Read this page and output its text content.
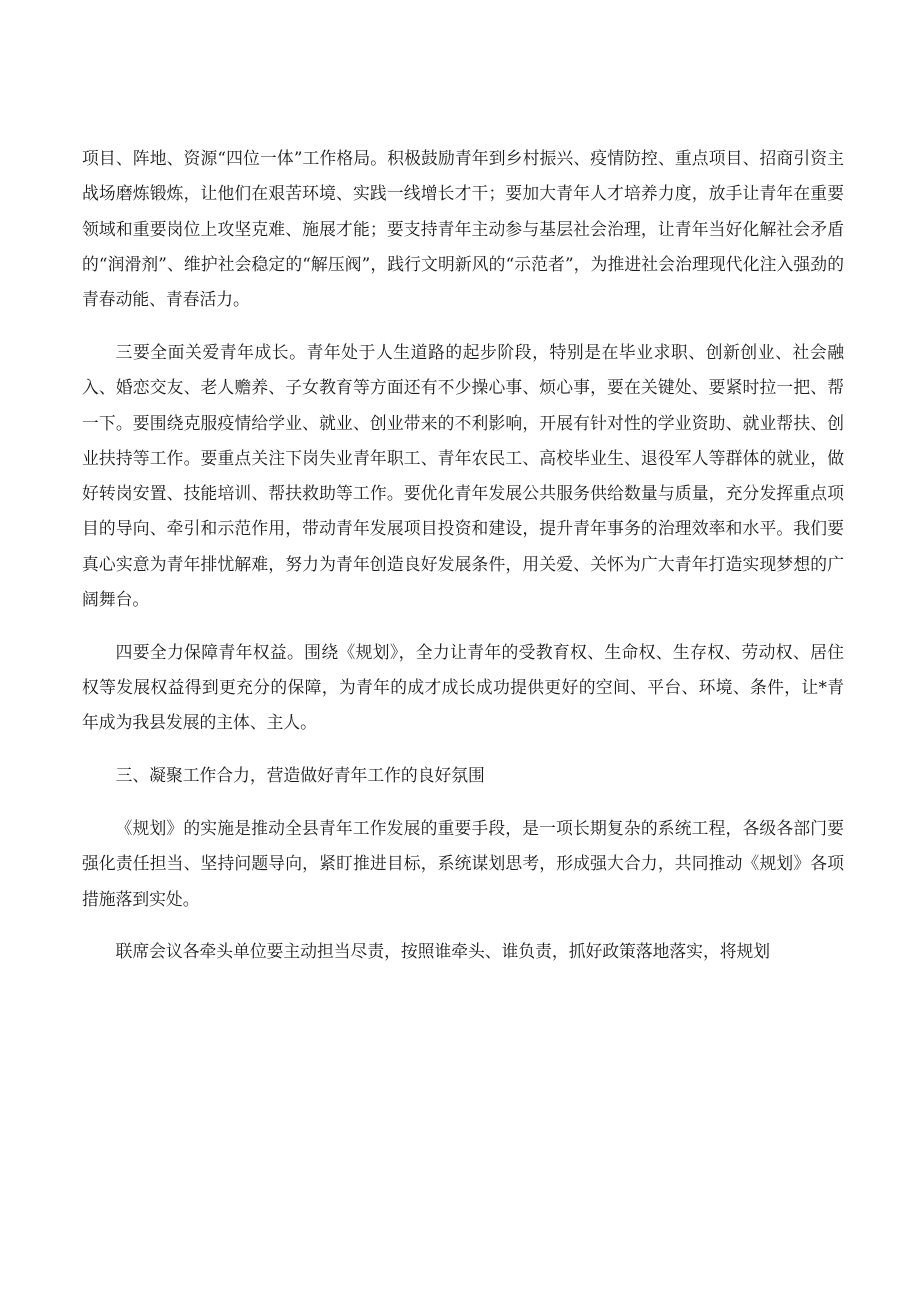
项目、阵地、资源“四位一体”工作格局。积极鼓励青年到乡村振兴、疫情防控、重点项目、招商引资主战场磨炼锻炼，让他们在艰苦环境、实践一线增长才干；要加大青年人才培养力度，放手让青年在重要领域和重要岗位上攻坚克难、施展才能；要支持青年主动参与基层社会治理，让青年当好化解社会矛盾的“润滑剂”、维护社会稳定的“解压阀”，践行文明新风的“示范者”，为推进社会治理现代化注入强劲的青春动能、青春活力。

三要全面关爱青年成长。青年处于人生道路的起步阶段，特别是在毕业求职、创新创业、社会融入、婚恋交友、老人赡养、子女教育等方面还有不少操心事、烦心事，要在关键处、要紧时拉一把、帮一下。要围绕克服疫情给学业、就业、创业带来的不利影响，开展有针对性的学业资助、就业帮扶、创业扶持等工作。要重点关注下岗失业青年职工、青年农民工、高校毕业生、退役军人等群体的就业，做好转岗安置、技能培训、帮扶救助等工作。要优化青年发展公共服务供给数量与质量，充分发挥重点项目的导向、牵引和示范作用，带动青年发展项目投资和建设，提升青年事务的治理效率和水平。我们要真心实意为青年排忧解难，努力为青年创造良好发展条件，用关爱、关怀为广大青年打造实现梦想的广阔舞台。

四要全力保障青年权益。围绕《规划》，全力让青年的受教育权、生命权、生存权、劳动权、居住权等发展权益得到更充分的保障，为青年的成才成长成功提供更好的空间、平台、环境、条件，让*青年成为我县发展的主体、主人。

三、凝聚工作合力，营造做好青年工作的良好氛围

《规划》的实施是推动全县青年工作发展的重要手段，是一项长期复杂的系统工程，各级各部门要强化责任担当、坚持问题导向，紧盯推进目标，系统谋划思考，形成强大合力，共同推动《规划》各项措施落到实处。

联席会议各牵头单位要主动担当尽责，按照谁牵头、谁负责，抓好政策落地落实，将规划
